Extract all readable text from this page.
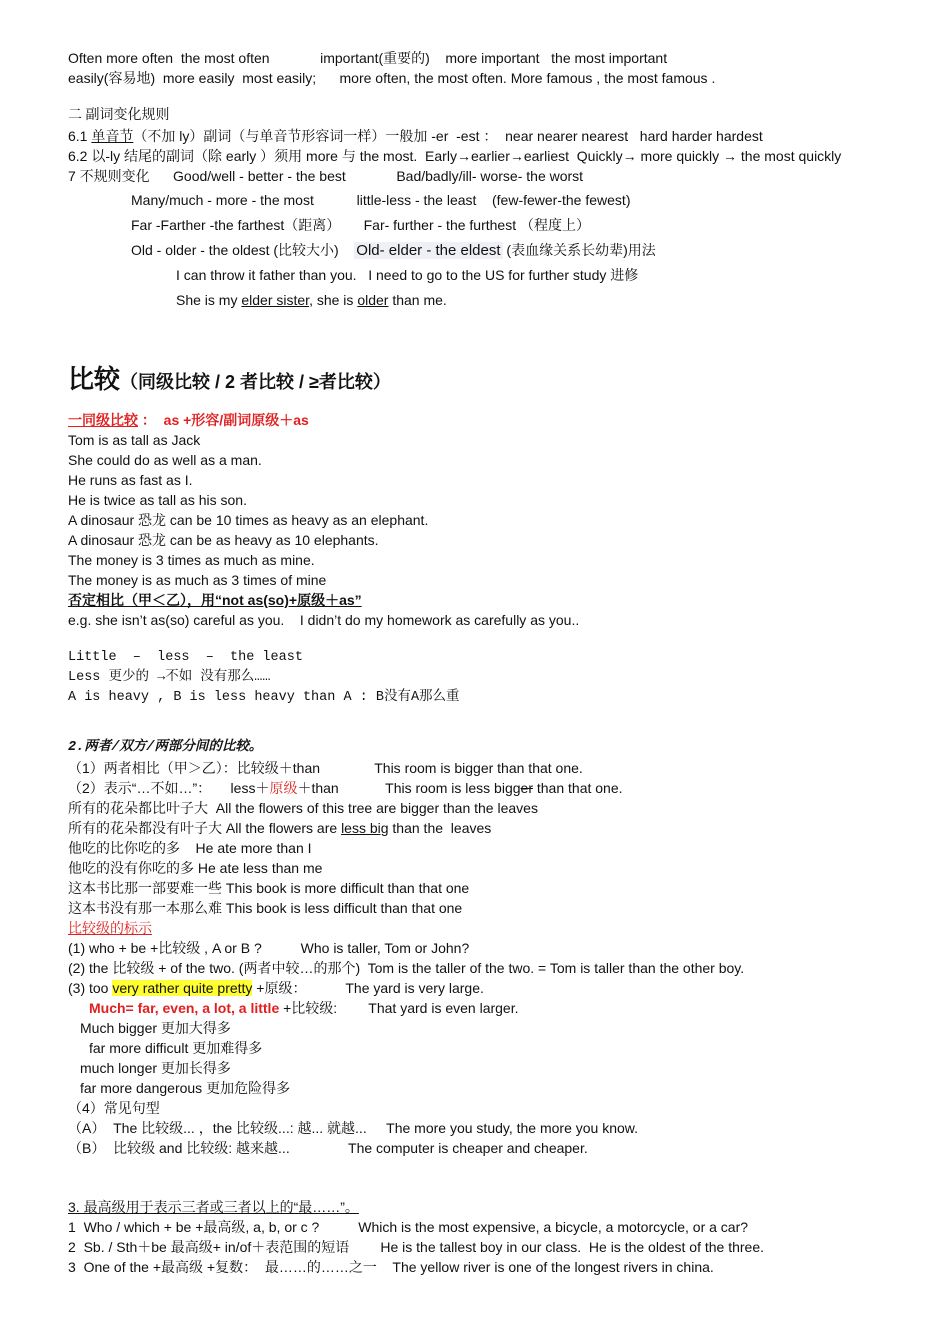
Often more often  the most often             important(重要的)    more important   the most important
easily(容易地)  more easily  most easily;      more often, the most often. More famous , the most famous .
二 副词变化规则
6.1 单音节（不加 ly）副词（与单音节形容词一样）一般加 -er  -est ：  near nearer nearest   hard harder hardest
6.2 以-ly 结尾的副词（除 early ）须用 more 与 the most.  Early→earlier→earliest  Quickly→ more quickly → the most quickly
7 不规则变化      Good/well - better - the best             Bad/badly/ill- worse- the worst
Many/much - more - the most           little-less - the least    (few-fewer-the fewest)
Far -Farther -the farthest（距离）      Far- further - the furthest （程度上）
Old - older - the oldest (比较大小)    Old- elder - the eldest (表血缘关系长幼辈)用法
I can throw it father than you.   I need to go to the US for further study 进修
She is my elder sister, she is older than me.
比较（同级比较 / 2 者比较 / ≥者比较）
一同级比较 ：  as +形容/副词原级＋as
Tom is as tall as Jack
She could do as well as a man.
He runs as fast as I.
He is twice as tall as his son.
A dinosaur 恐龙 can be 10 times as heavy as an elephant.
A dinosaur 恐龙 can be as heavy as 10 elephants.
The money is 3 times as much as mine.
The money is as much as 3 times of mine
否定相比（甲＜乙），用“not as(so)+原级＋as”
e.g. she isn’t as(so) careful as you.    I didn’t do my homework as carefully as you..
Little  –  less  –  the least
Less 更少的 →不如 没有那么……
A is heavy , B is less heavy than A : B没有A那么重
2.两者/双方/两部分间的比较。
（1）两者相比（甲＞乙）：比较级＋than              This room is bigger than that one.
（2）表示“…不如…”：     less＋原级＋than            This room is less bigger than that one.
所有的花朵都比叶子大  All the flowers of this tree are bigger than the leaves
所有的花朵都没有叶子大 All the flowers are less big than the  leaves
他吃的比你吃的多    He ate more than I
他吃的没有你吃的多 He ate less than me
这本书比那一部要难一些 This book is more difficult than that one
这本书没有那一本那么难 This book is less difficult than that one
比较级的标示
(1) who + be +比较级 , A or B ?          Who is taller, Tom or John?
(2) the 比较级 + of the two. (两者中较…的那个)  Tom is the taller of the two. = Tom is taller than the other boy.
(3) too very rather quite pretty +原级：          The yard is very large.
Much= far, even, a lot, a little +比较级:        That yard is even larger.
Much bigger 更加大得多
far more difficult 更加难得多
much longer 更加长得多
far more dangerous 更加危险得多
（4）常见句型
（A）  The 比较级... ，the 比较级...: 越... 就越...     The more you study, the more you know.
（B）  比较级 and 比较级: 越来越...               The computer is cheaper and cheaper.
3. 最高级用于表示三者或三者以上的“最……”。
1  Who / which + be +最高级, a, b, or c ?          Which is the most expensive, a bicycle, a motorcycle, or a car?
2  Sb. / Sth＋be 最高级+ in/of＋表范围的短语        He is the tallest boy in our class.  He is the oldest of the three.
3  One of the +最高级 +复数：  最……的……之一    The yellow river is one of the longest rivers in china.
